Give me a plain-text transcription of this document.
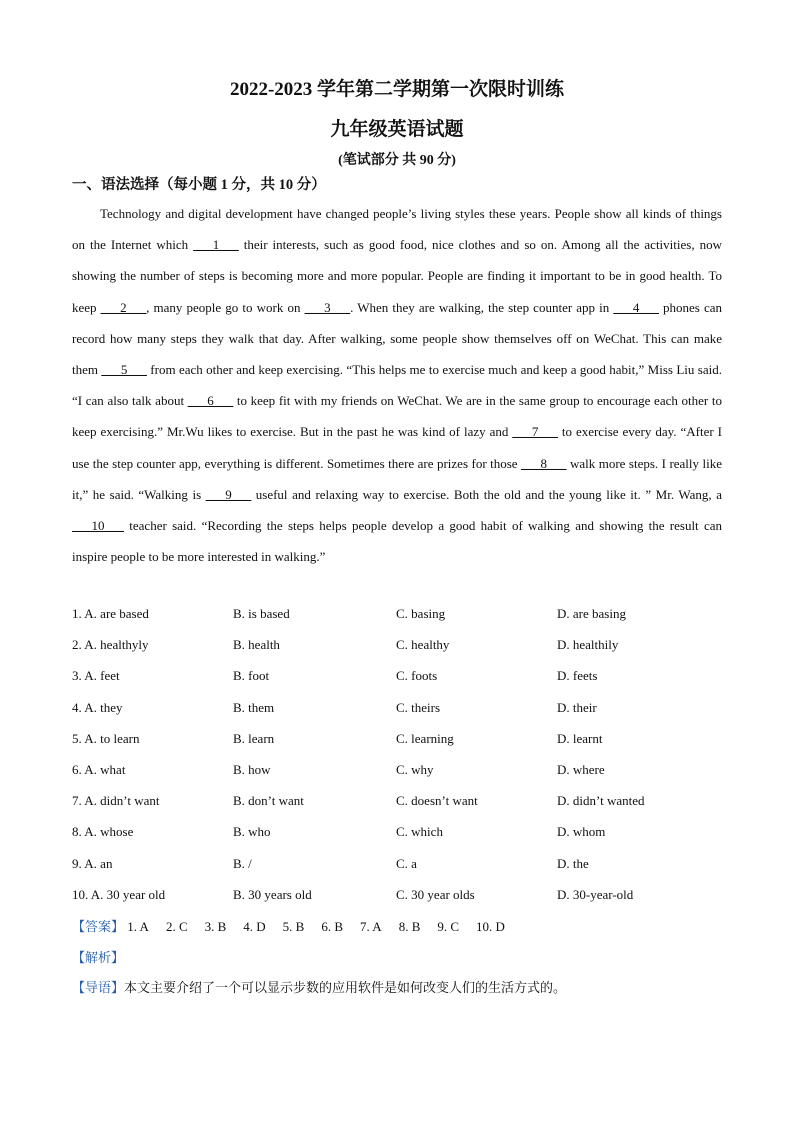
2022-2023 学年第二学期第一次限时训练
九年级英语试题
(笔试部分 共 90 分)
一、语法选择（每小题 1 分，共 10 分）

Technology and digital development have changed people’s living styles these years. People show all kinds of things on the Internet which ___1___ their interests, such as good food, nice clothes and so on. Among all the activities, now showing the number of steps is becoming more and more popular. People are finding it important to be in good health. To keep ___2___, many people go to work on ___3___. When they are walking, the step counter app in ___4___ phones can record how many steps they walk that day. After walking, some people show themselves off on WeChat. This can make them ___5___ from each other and keep exercising. “This helps me to exercise much and keep a good habit,” Miss Liu said. “I can also talk about ___6___ to keep fit with my friends on WeChat. We are in the same group to encourage each other to keep exercising.” Mr.Wu likes to exercise. But in the past he was kind of lazy and ___7___ to exercise every day. “After I use the step counter app, everything is different. Sometimes there are prizes for those ___8___ walk more steps. I really like it,” he said. “Walking is ___9___ useful and relaxing way to exercise. Both the old and the young like it. ” Mr. Wang, a ___10___ teacher said. “Recording the steps helps people develop a good habit of walking and showing the result can inspire people to be more interested in walking.”

1. A. are based	B. is based	C. basing	D. are basing
2. A. healthyly	B. health	C. healthy	D. healthily
3. A. feet	B. foot	C. foots	D. feets
4. A. they	B. them	C. theirs	D. their
5. A. to learn	B. learn	C. learning	D. learnt
6. A. what	B. how	C. why	D. where
7. A. didn’t want	B. don’t want	C. doesn’t want	D. didn’t wanted
8. A. whose	B. who	C. which	D. whom
9. A. an	B. /	C. a	D. the
10. A. 30 year old	B. 30 years old	C. 30 year olds	D. 30-year-old
【答案】 1. A 2. C 3. B 4. D 5. B 6. B 7. A 8. B 9. C 10. D
【解析】
【导语】本文主要介绍了一个可以显示步数的应用软件是如何改变人们的生活方式的。
